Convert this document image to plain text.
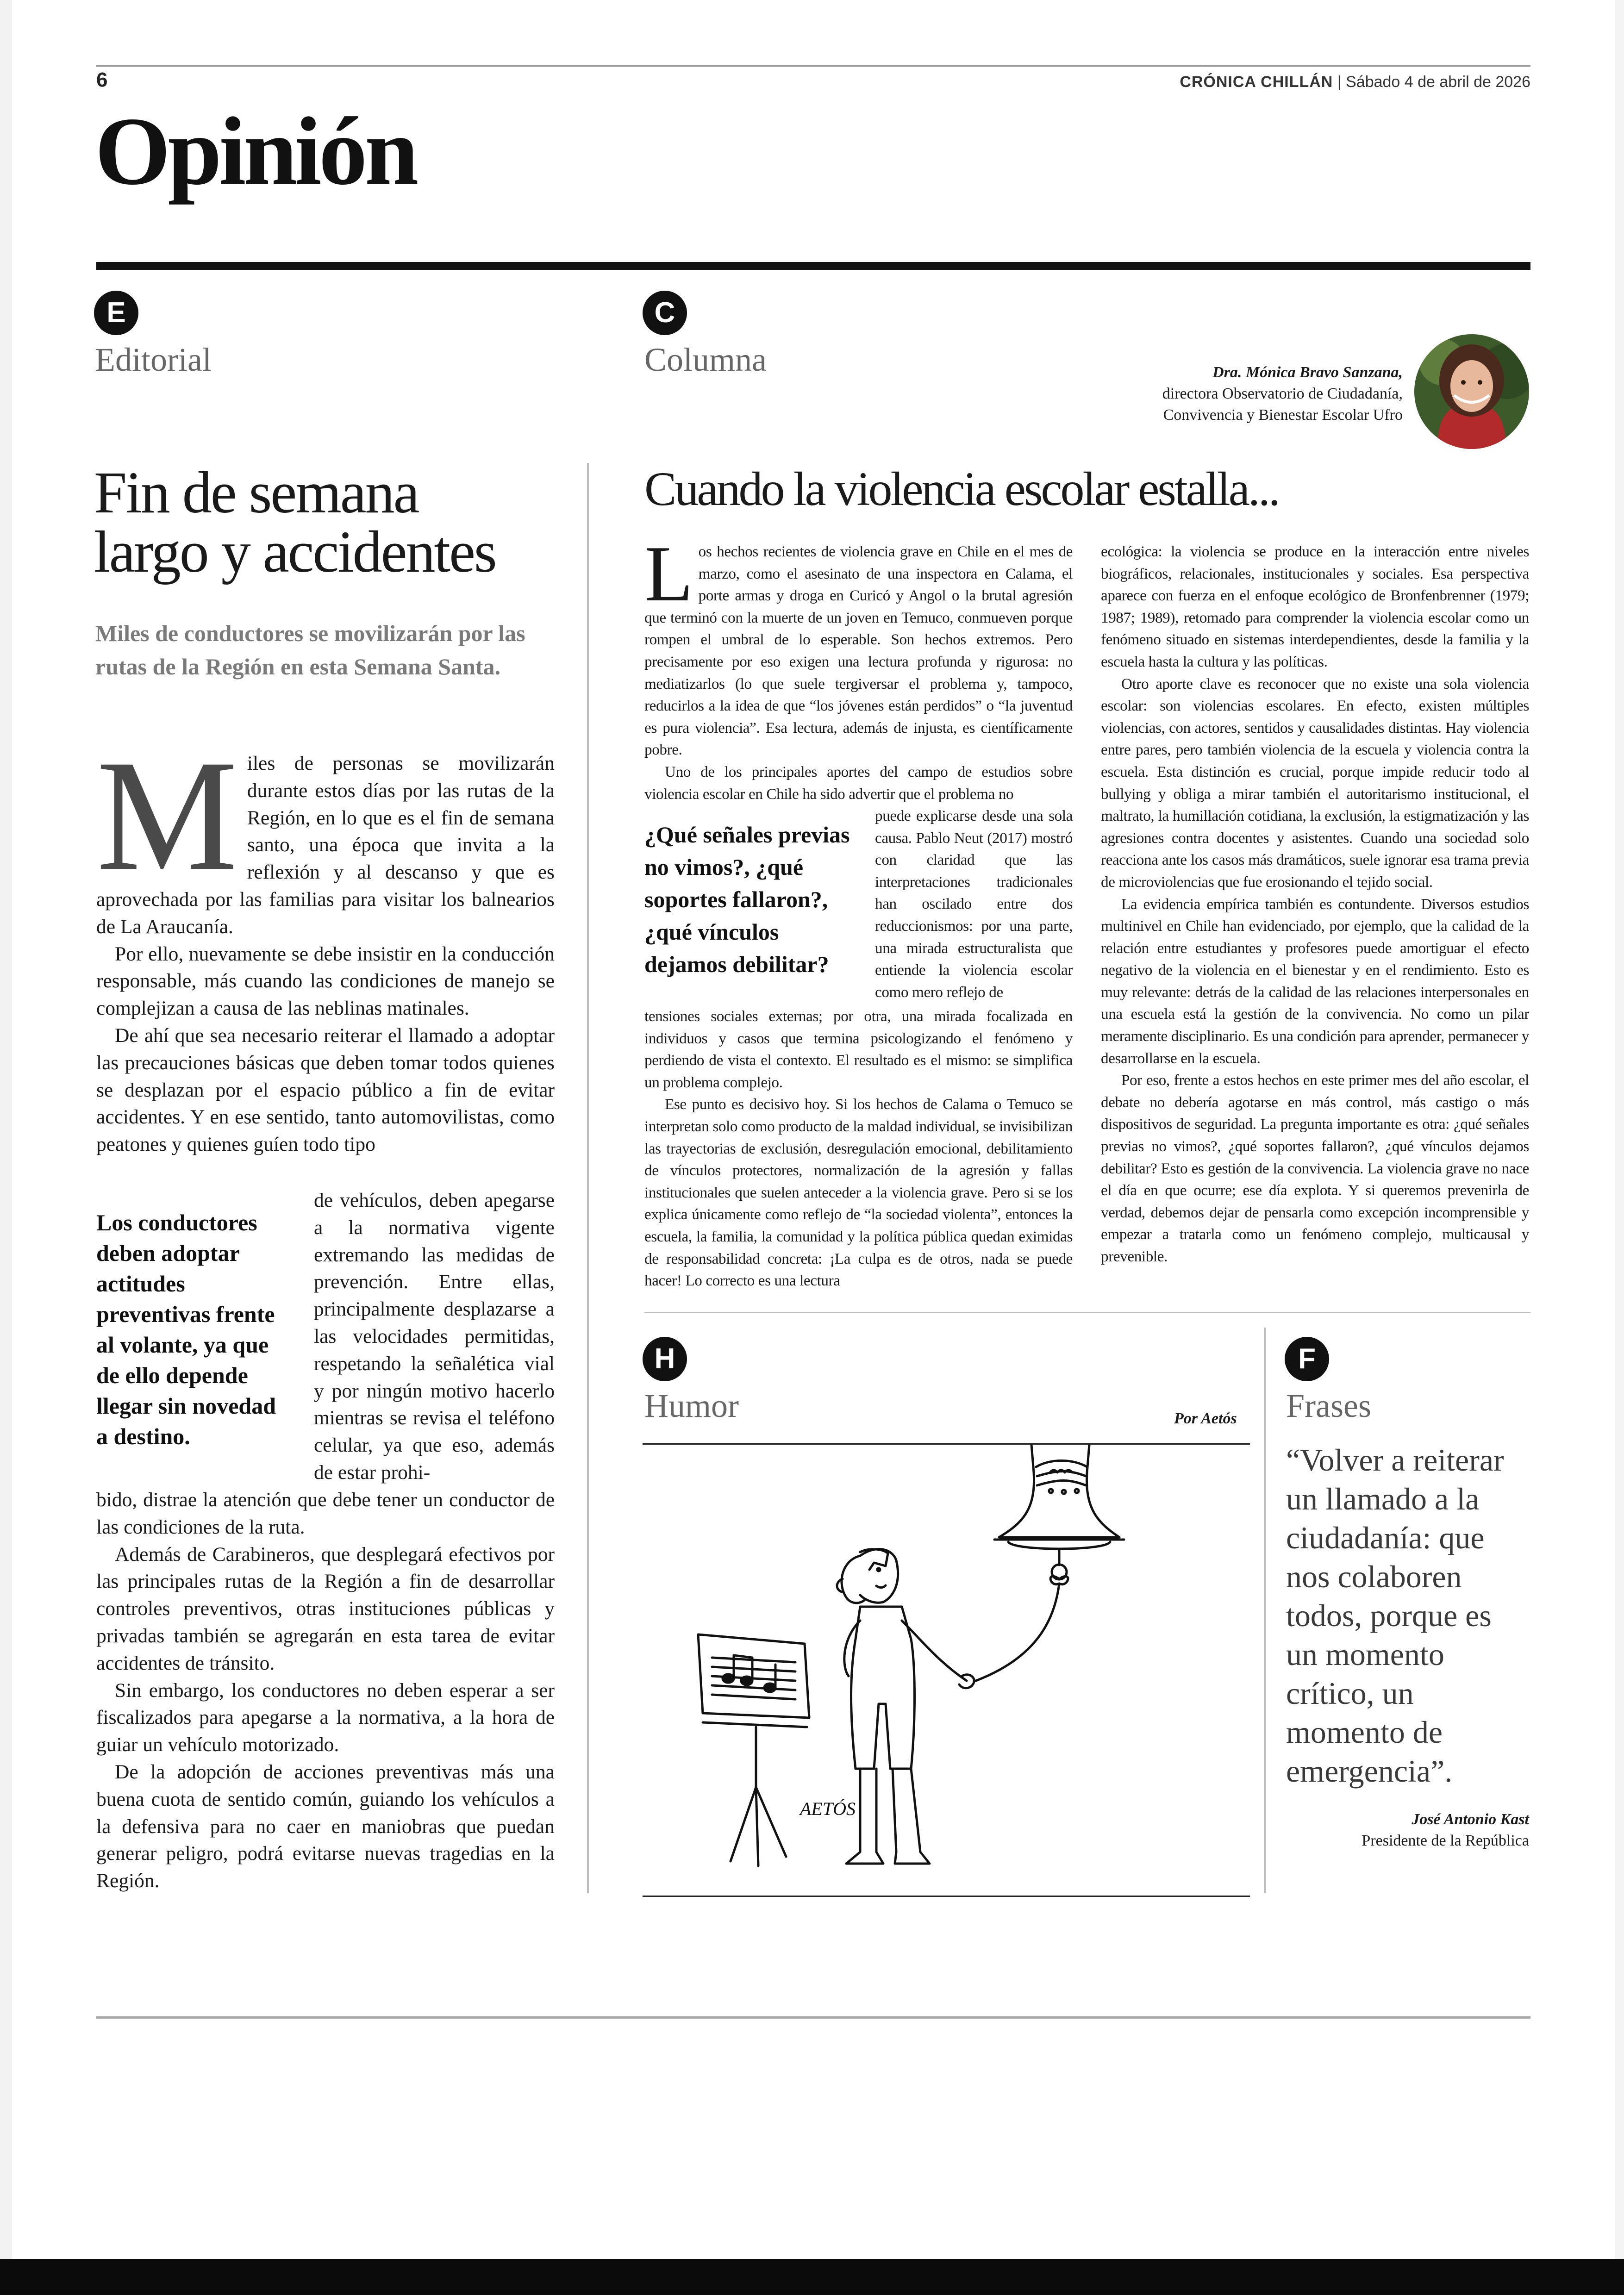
6	CRÓNICA CHILLÁN | Sábado 4 de abril de 2026
Opinión
E
Editorial
Fin de semana
largo y accidentes
Miles de conductores se movilizarán por las rutas de la Región en esta Semana Santa.

Miles de personas se movilizarán durante estos días por las rutas de la Región, en lo que es el fin de semana santo, una época que invita a la reflexión y al descanso y que es aprovechada por las familias para visitar los balnearios de La Araucanía.

Por ello, nuevamente se debe insistir en la conducción responsable, más cuando las condiciones de manejo se complejizan a causa de las neblinas matinales.

De ahí que sea necesario reiterar el llamado a adoptar las precauciones básicas que deben tomar todos quienes se desplazan por el espacio público a fin de evitar accidentes. Y en ese sentido, tanto automovilistas, como peatones y quienes guíen todo tipo

Los conductores deben adoptar actitudes preventivas frente al volante, ya que de ello depende llegar sin novedad a destino.

de vehículos, deben apegarse a la normativa vigente extremando las medidas de prevención. Entre ellas, principalmente desplazarse a las velocidades permitidas, respetando la señalética vial y por ningún motivo hacerlo mientras se revisa el teléfono celular, ya que eso, además de estar prohi-

bido, distrae la atención que debe tener un conductor de las condiciones de la ruta.

Además de Carabineros, que desplegará efectivos por las principales rutas de la Región a fin de desarrollar controles preventivos, otras instituciones públicas y privadas también se agregarán en esta tarea de evitar accidentes de tránsito.

Sin embargo, los conductores no deben esperar a ser fiscalizados para apegarse a la normativa, a la hora de guiar un vehículo motorizado.

De la adopción de acciones preventivas más una buena cuota de sentido común, guiando los vehículos a la defensiva para no caer en maniobras que puedan generar peligro, podrá evitarse nuevas tragedias en la Región.

C
Columna	Dra. Mónica Bravo Sanzana,
directora Observatorio de Ciudadanía,
Convivencia y Bienestar Escolar Ufro
Cuando la violencia escolar estalla...

Los hechos recientes de violencia grave en Chile en el mes de marzo, como el asesinato de una inspectora en Calama, el porte armas y droga en Curicó y Angol o la brutal agresión que terminó con la muerte de un joven en Temuco, conmueven porque rompen el umbral de lo esperable. Son hechos extremos. Pero precisamente por eso exigen una lectura profunda y rigurosa: no mediatizarlos (lo que suele tergiversar el problema y, tampoco, reducirlos a la idea de que “los jóvenes están perdidos” o “la juventud es pura violencia”. Esa lectura, además de injusta, es científicamente pobre.

Uno de los principales aportes del campo de estudios sobre violencia escolar en Chile ha sido advertir que el problema no

¿Qué señales previas no vimos?, ¿qué soportes fallaron?, ¿qué vínculos dejamos debilitar?

puede explicarse desde una sola causa. Pablo Neut (2017) mostró con claridad que las interpretaciones tradicionales han oscilado entre dos reduccionismos: por una parte, una mirada estructuralista que entiende la violencia escolar como mero reflejo de

tensiones sociales externas; por otra, una mirada focalizada en individuos y casos que termina psicologizando el fenómeno y perdiendo de vista el contexto. El resultado es el mismo: se simplifica un problema complejo.

Ese punto es decisivo hoy. Si los hechos de Calama o Temuco se interpretan solo como producto de la maldad individual, se invisibilizan las trayectorias de exclusión, desregulación emocional, debilitamiento de vínculos protectores, normalización de la agresión y fallas institucionales que suelen anteceder a la violencia grave. Pero si se los explica únicamente como reflejo de “la sociedad violenta”, entonces la escuela, la familia, la comunidad y la política pública quedan eximidas de responsabilidad concreta: ¡La culpa es de otros, nada se puede hacer! Lo correcto es una lectura

ecológica: la violencia se produce en la interacción entre niveles biográficos, relacionales, institucionales y sociales. Esa perspectiva aparece con fuerza en el enfoque ecológico de Bronfenbrenner (1979; 1987; 1989), retomado para comprender la violencia escolar como un fenómeno situado en sistemas interdependientes, desde la familia y la escuela hasta la cultura y las políticas.

Otro aporte clave es reconocer que no existe una sola violencia escolar: son violencias escolares. En efecto, existen múltiples violencias, con actores, sentidos y causalidades distintas. Hay violencia entre pares, pero también violencia de la escuela y violencia contra la escuela. Esta distinción es crucial, porque impide reducir todo al bullying y obliga a mirar también el autoritarismo institucional, el maltrato, la humillación cotidiana, la exclusión, la estigmatización y las agresiones contra docentes y asistentes. Cuando una sociedad solo reacciona ante los casos más dramáticos, suele ignorar esa trama previa de microviolencias que fue erosionando el tejido social.

La evidencia empírica también es contundente. Diversos estudios multinivel en Chile han evidenciado, por ejemplo, que la calidad de la relación entre estudiantes y profesores puede amortiguar el efecto negativo de la violencia en el bienestar y en el rendimiento. Esto es muy relevante: detrás de la calidad de las relaciones interpersonales en una escuela está la gestión de la convivencia. No como un pilar meramente disciplinario. Es una condición para aprender, permanecer y desarrollarse en la escuela.

Por eso, frente a estos hechos en este primer mes del año escolar, el debate no debería agotarse en más control, más castigo o más dispositivos de seguridad. La pregunta importante es otra: ¿qué señales previas no vimos?, ¿qué soportes fallaron?, ¿qué vínculos dejamos debilitar? Esto es gestión de la convivencia. La violencia grave no nace el día en que ocurre; ese día explota. Y si queremos prevenirla de verdad, debemos dejar de pensarla como excepción incomprensible y empezar a tratarla como un fenómeno complejo, multicausal y prevenible.

H
Humor	Por Aetós
AETÓS
F
Frases
“Volver a reiterar un llamado a la ciudadanía: que nos colaboren todos, porque es un momento crítico, un momento de emergencia”.
José Antonio Kast
Presidente de la República
